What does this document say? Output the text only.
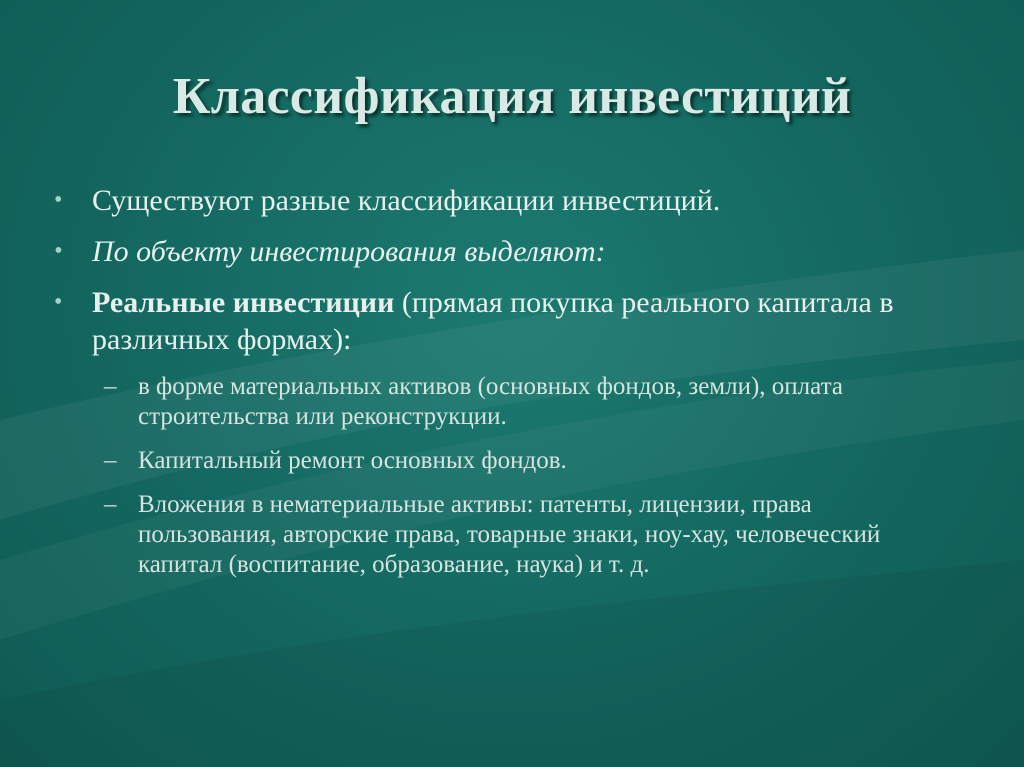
Классификация инвестиций
• Существуют разные классификации инвестиций.
• По объекту инвестирования выделяют:
• Реальные инвестиции (прямая покупка реального капитала в различных формах):
– в форме материальных активов (основных фондов, земли), оплата строительства или реконструкции.
– Капитальный ремонт основных фондов.
– Вложения в нематериальные активы: патенты, лицензии, права пользования, авторские права, товарные знаки, ноу-хау, человеческий капитал (воспитание, образование, наука) и т. д.
